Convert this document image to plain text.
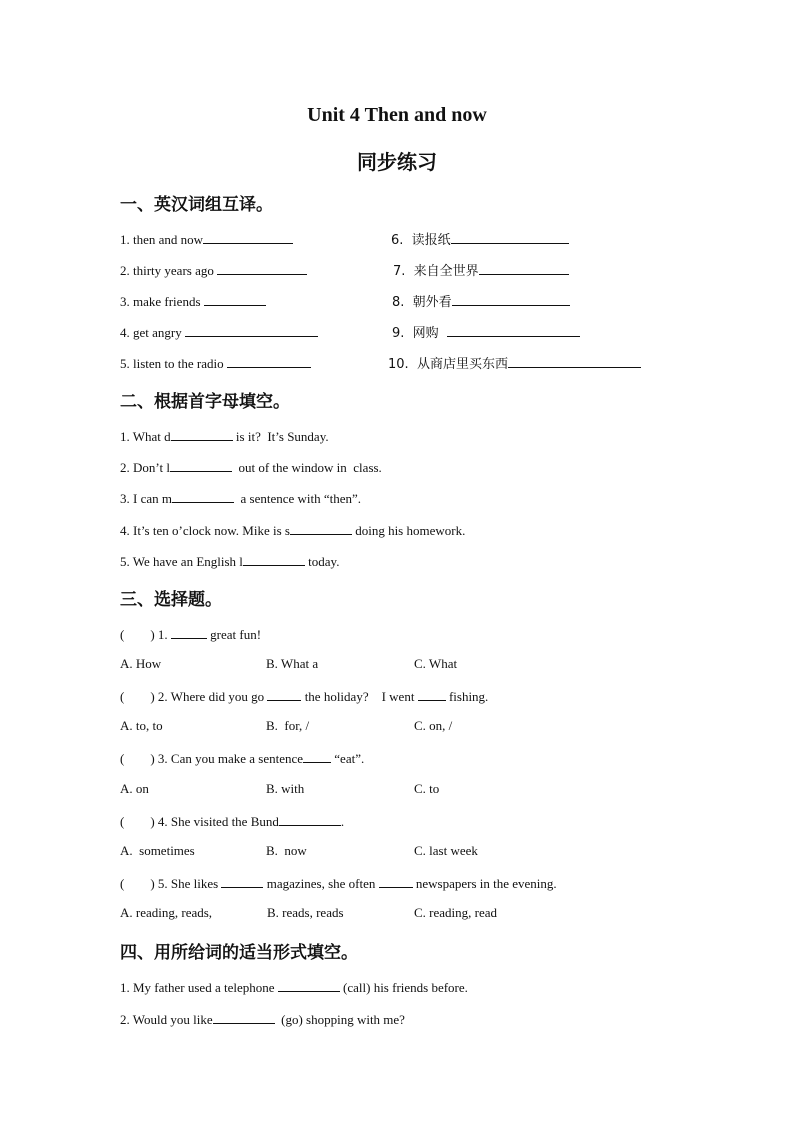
Unit 4 Then and now
同步练习
一、英汉词组互译。
1. then and now
2. thirty years ago
3. make friends
4. get angry
5. listen to the radio
6.  读报纸
7.  来自全世界
8.  朝外看
9.  网购
10.  从商店里买东西
二、根据首字母填空。
1. What d	is it?  It’s Sunday.
2. Don’t l	out of the window in  class.
3. I can m	a sentence with “then”.
4. It’s ten o’clock now. Mike is s	doing his homework.
5. We have an English l	today.
三、选择题。
(        ) 1.	great fun!
A. How	B. What a	C. What
(        ) 2. Where did you go	the holiday?    I went  fishing.
A. to, to	B.  for, /	C. on, /
(        ) 3. Can you make a sentence “eat”.
A. on	B. with	C. to
(        ) 4. She visited the Bund	.
A.  sometimes	B.  now	C. last week
(        ) 5. She likes	magazines, she often	newspapers in the evening.
A. reading, reads,	B. reads, reads	C. reading, read
四、用所给词的适当形式填空。
1. My father used a telephone	(call) his friends before.
2. Would you like	(go) shopping with me?
